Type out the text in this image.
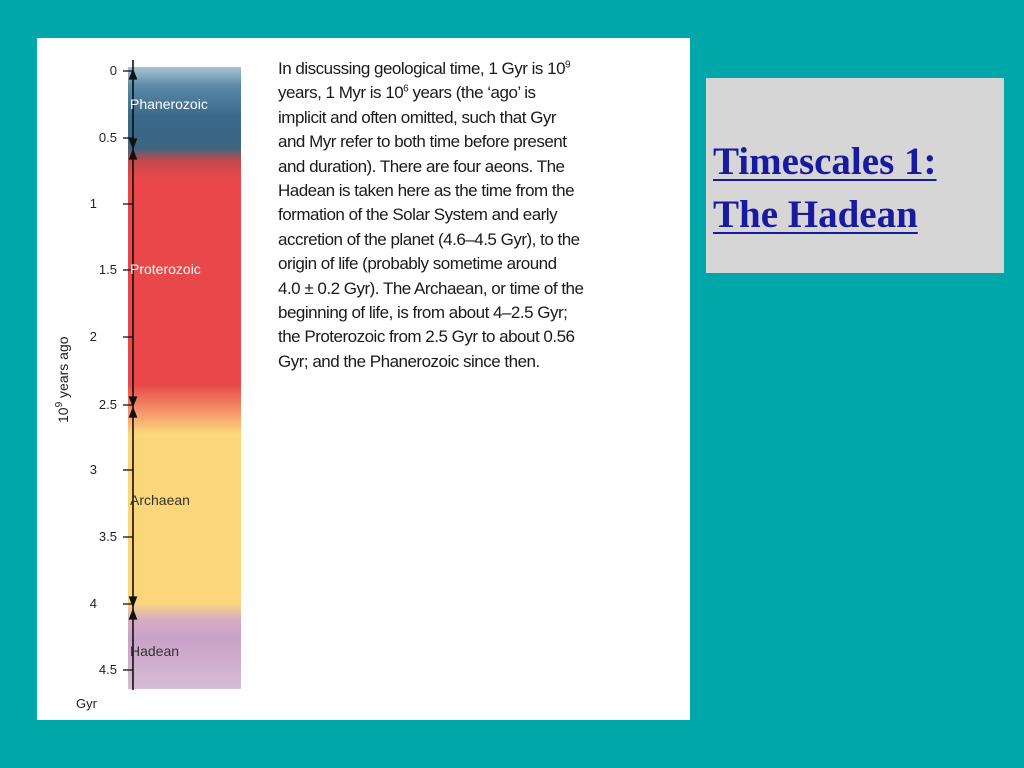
0
0.5
1
1.5
2
2.5
3
3.5
4
4.5
Phanerozoic
Proterozoic
Archaean
Hadean
$10^9$ years ago
Gyr

In discussing geological time, 1 Gyr is $10^9$
years, 1 Myr is $10^6$ years (the ‘ago’ is
implicit and often omitted, such that Gyr
and Myr refer to both time before present
and duration). There are four aeons. The
Hadean is taken here as the time from the
formation of the Solar System and early
accretion of the planet (4.6–4.5 Gyr), to the
origin of life (probably sometime around
4.0 ± 0.2 Gyr). The Archaean, or time of the
beginning of life, is from about 4–2.5 Gyr;
the Proterozoic from 2.5 Gyr to about 0.56
Gyr; and the Phanerozoic since then.

Timescales 1:
The Hadean
